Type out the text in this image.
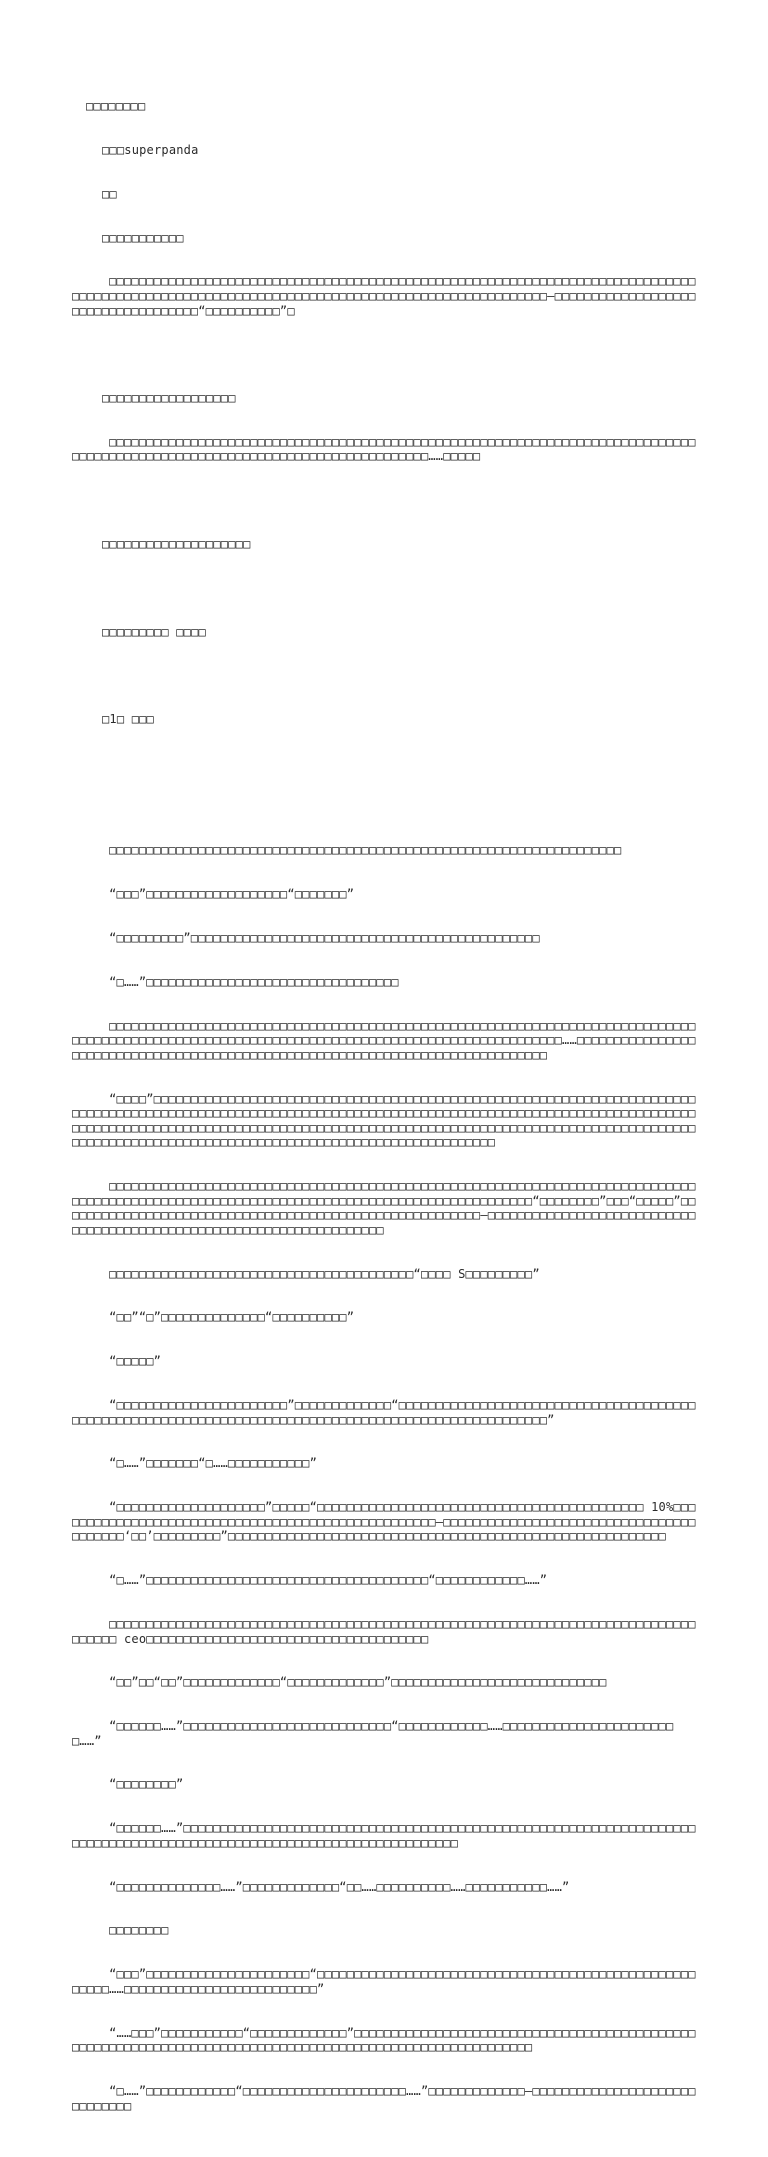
□□□□□□□□

□□□superpanda

□□

□□□□□□□□□□□

□□□□□□□□□□□□□□□□□□□□□□□□□□□□□□□□□□□□□□□□□□□□□□□□□□□□□□□□□□□□□□□□□□□□□□□□□□□□□□□□□□□□□□□□□□□□□□□□□□□□□□□□□□□□□□□□□□□□□□□□□□□□□□□□□□□□□□□□□□□□□□□—□□□□□□□□□□□□□□□□□□□□□□□□□□□□□□□□□□□□“□□□□□□□□□□”□

□□□□□□□□□□□□□□□□□□

□□□□□□□□□□□□□□□□□□□□□□□□□□□□□□□□□□□□□□□□□□□□□□□□□□□□□□□□□□□□□□□□□□□□□□□□□□□□□□□□□□□□□□□□□□□□□□□□□□□□□□□□□□□□□□□□□□□□□□□□□□□□□□□……□□□□□

□□□□□□□□□□□□□□□□□□□□

□□□□□□□□□ □□□□

□1□ □□□

□□□□□□□□□□□□□□□□□□□□□□□□□□□□□□□□□□□□□□□□□□□□□□□□□□□□□□□□□□□□□□□□□□□□□

“□□□”□□□□□□□□□□□□□□□□□□□“□□□□□□□”

“□□□□□□□□□”□□□□□□□□□□□□□□□□□□□□□□□□□□□□□□□□□□□□□□□□□□□□□□□

“□……”□□□□□□□□□□□□□□□□□□□□□□□□□□□□□□□□□□

□□□□□□□□□□□□□□□□□□□□□□□□□□□□□□□□□□□□□□□□□□□□□□□□□□□□□□□□□□□□□□□□□□□□□□□□□□□□□□□□□□□□□□□□□□□□□□□□□□□□□□□□□□□□□□□□□□□□□□□□□□□□□□□□□□□□□□□□□□□□□□□□□……□□□□□□□□□□□□□□□□□□□□□□□□□□□□□□□□□□□□□□□□□□□□□□□□□□□□□□□□□□□□□□□□□□□□□□□□□□□□□□□□

“□□□□”□□□□□□□□□□□□□□□□□□□□□□□□□□□□□□□□□□□□□□□□□□□□□□□□□□□□□□□□□□□□□□□□□□□□□□□□□□□□□□□□□□□□□□□□□□□□□□□□□□□□□□□□□□□□□□□□□□□□□□□□□□□□□□□□□□□□□□□□□□□□□□□□□□□□□□□□□□□□□□□□□□□□□□□□□□□□□□□□□□□□□□□□□□□□□□□□□□□□□□□□□□□□□□□□□□□□□□□□□□□□□□□□□□□□□□□□□□□□□□□□□□□□□□□□□□□□□□□□□□□□□□□□□□□□□□□□□□□□□□□□□□□□□□□□□□□□□□□□□□

□□□□□□□□□□□□□□□□□□□□□□□□□□□□□□□□□□□□□□□□□□□□□□□□□□□□□□□□□□□□□□□□□□□□□□□□□□□□□□□□□□□□□□□□□□□□□□□□□□□□□□□□□□□□□□□□□□□□□□□□□□□□□□□□□□□□□□□□□□□□□“□□□□□□□□”□□□“□□□□□”□□□□□□□□□□□□□□□□□□□□□□□□□□□□□□□□□□□□□□□□□□□□□□□□□□□□□□□□□—□□□□□□□□□□□□□□□□□□□□□□□□□□□□□□□□□□□□□□□□□□□□□□□□□□□□□□□□□□□□□□□□□□□□□□

□□□□□□□□□□□□□□□□□□□□□□□□□□□□□□□□□□□□□□□□□“□□□□ S□□□□□□□□□”

“□□”“□”□□□□□□□□□□□□□□“□□□□□□□□□□”

“□□□□□”

“□□□□□□□□□□□□□□□□□□□□□□□”□□□□□□□□□□□□□“□□□□□□□□□□□□□□□□□□□□□□□□□□□□□□□□□□□□□□□□□□□□□□□□□□□□□□□□□□□□□□□□□□□□□□□□□□□□□□□□□□□□□□□□□□□□□□□□□□□□□□□□”

“□……”□□□□□□□“□……□□□□□□□□□□□”

“□□□□□□□□□□□□□□□□□□□□”□□□□□“□□□□□□□□□□□□□□□□□□□□□□□□□□□□□□□□□□□□□□□□□□□□ 10%□□□□□□□□□□□□□□□□□□□□□□□□□□□□□□□□□□□□□□□□□□□□□□□□□□□□—□□□□□□□□□□□□□□□□□□□□□□□□□□□□□□□□□□□□□□□□□‘□□’□□□□□□□□□”□□□□□□□□□□□□□□□□□□□□□□□□□□□□□□□□□□□□□□□□□□□□□□□□□□□□□□□□□□□

“□……”□□□□□□□□□□□□□□□□□□□□□□□□□□□□□□□□□□□□□□“□□□□□□□□□□□□……”

□□□□□□□□□□□□□□□□□□□□□□□□□□□□□□□□□□□□□□□□□□□□□□□□□□□□□□□□□□□□□□□□□□□□□□□□□□□□□□□□□□□□□ ceo□□□□□□□□□□□□□□□□□□□□□□□□□□□□□□□□□□□□□□

“□□”□□“□□”□□□□□□□□□□□□□“□□□□□□□□□□□□□”□□□□□□□□□□□□□□□□□□□□□□□□□□□□□

“□□□□□□……”□□□□□□□□□□□□□□□□□□□□□□□□□□□□“□□□□□□□□□□□□……□□□□□□□□□□□□□□□□□□□□□□□□……”

“□□□□□□□□”

“□□□□□□……”□□□□□□□□□□□□□□□□□□□□□□□□□□□□□□□□□□□□□□□□□□□□□□□□□□□□□□□□□□□□□□□□□□□□□□□□□□□□□□□□□□□□□□□□□□□□□□□□□□□□□□□□□□□□□□□□□□□□□□□□□

“□□□□□□□□□□□□□□……”□□□□□□□□□□□□□“□□……□□□□□□□□□□……□□□□□□□□□□□……”

□□□□□□□□

“□□□”□□□□□□□□□□□□□□□□□□□□□□“□□□□□□□□□□□□□□□□□□□□□□□□□□□□□□□□□□□□□□□□□□□□□□□□□□□□□□□□……□□□□□□□□□□□□□□□□□□□□□□□□□□”

“……□□□”□□□□□□□□□□□“□□□□□□□□□□□□□”□□□□□□□□□□□□□□□□□□□□□□□□□□□□□□□□□□□□□□□□□□□□□□□□□□□□□□□□□□□□□□□□□□□□□□□□□□□□□□□□□□□□□□□□□□□□□□□□□□□□□□□□□□□□

“□……”□□□□□□□□□□□□“□□□□□□□□□□□□□□□□□□□□□□……”□□□□□□□□□□□□□—□□□□□□□□□□□□□□□□□□□□□□□□□□□□□□
